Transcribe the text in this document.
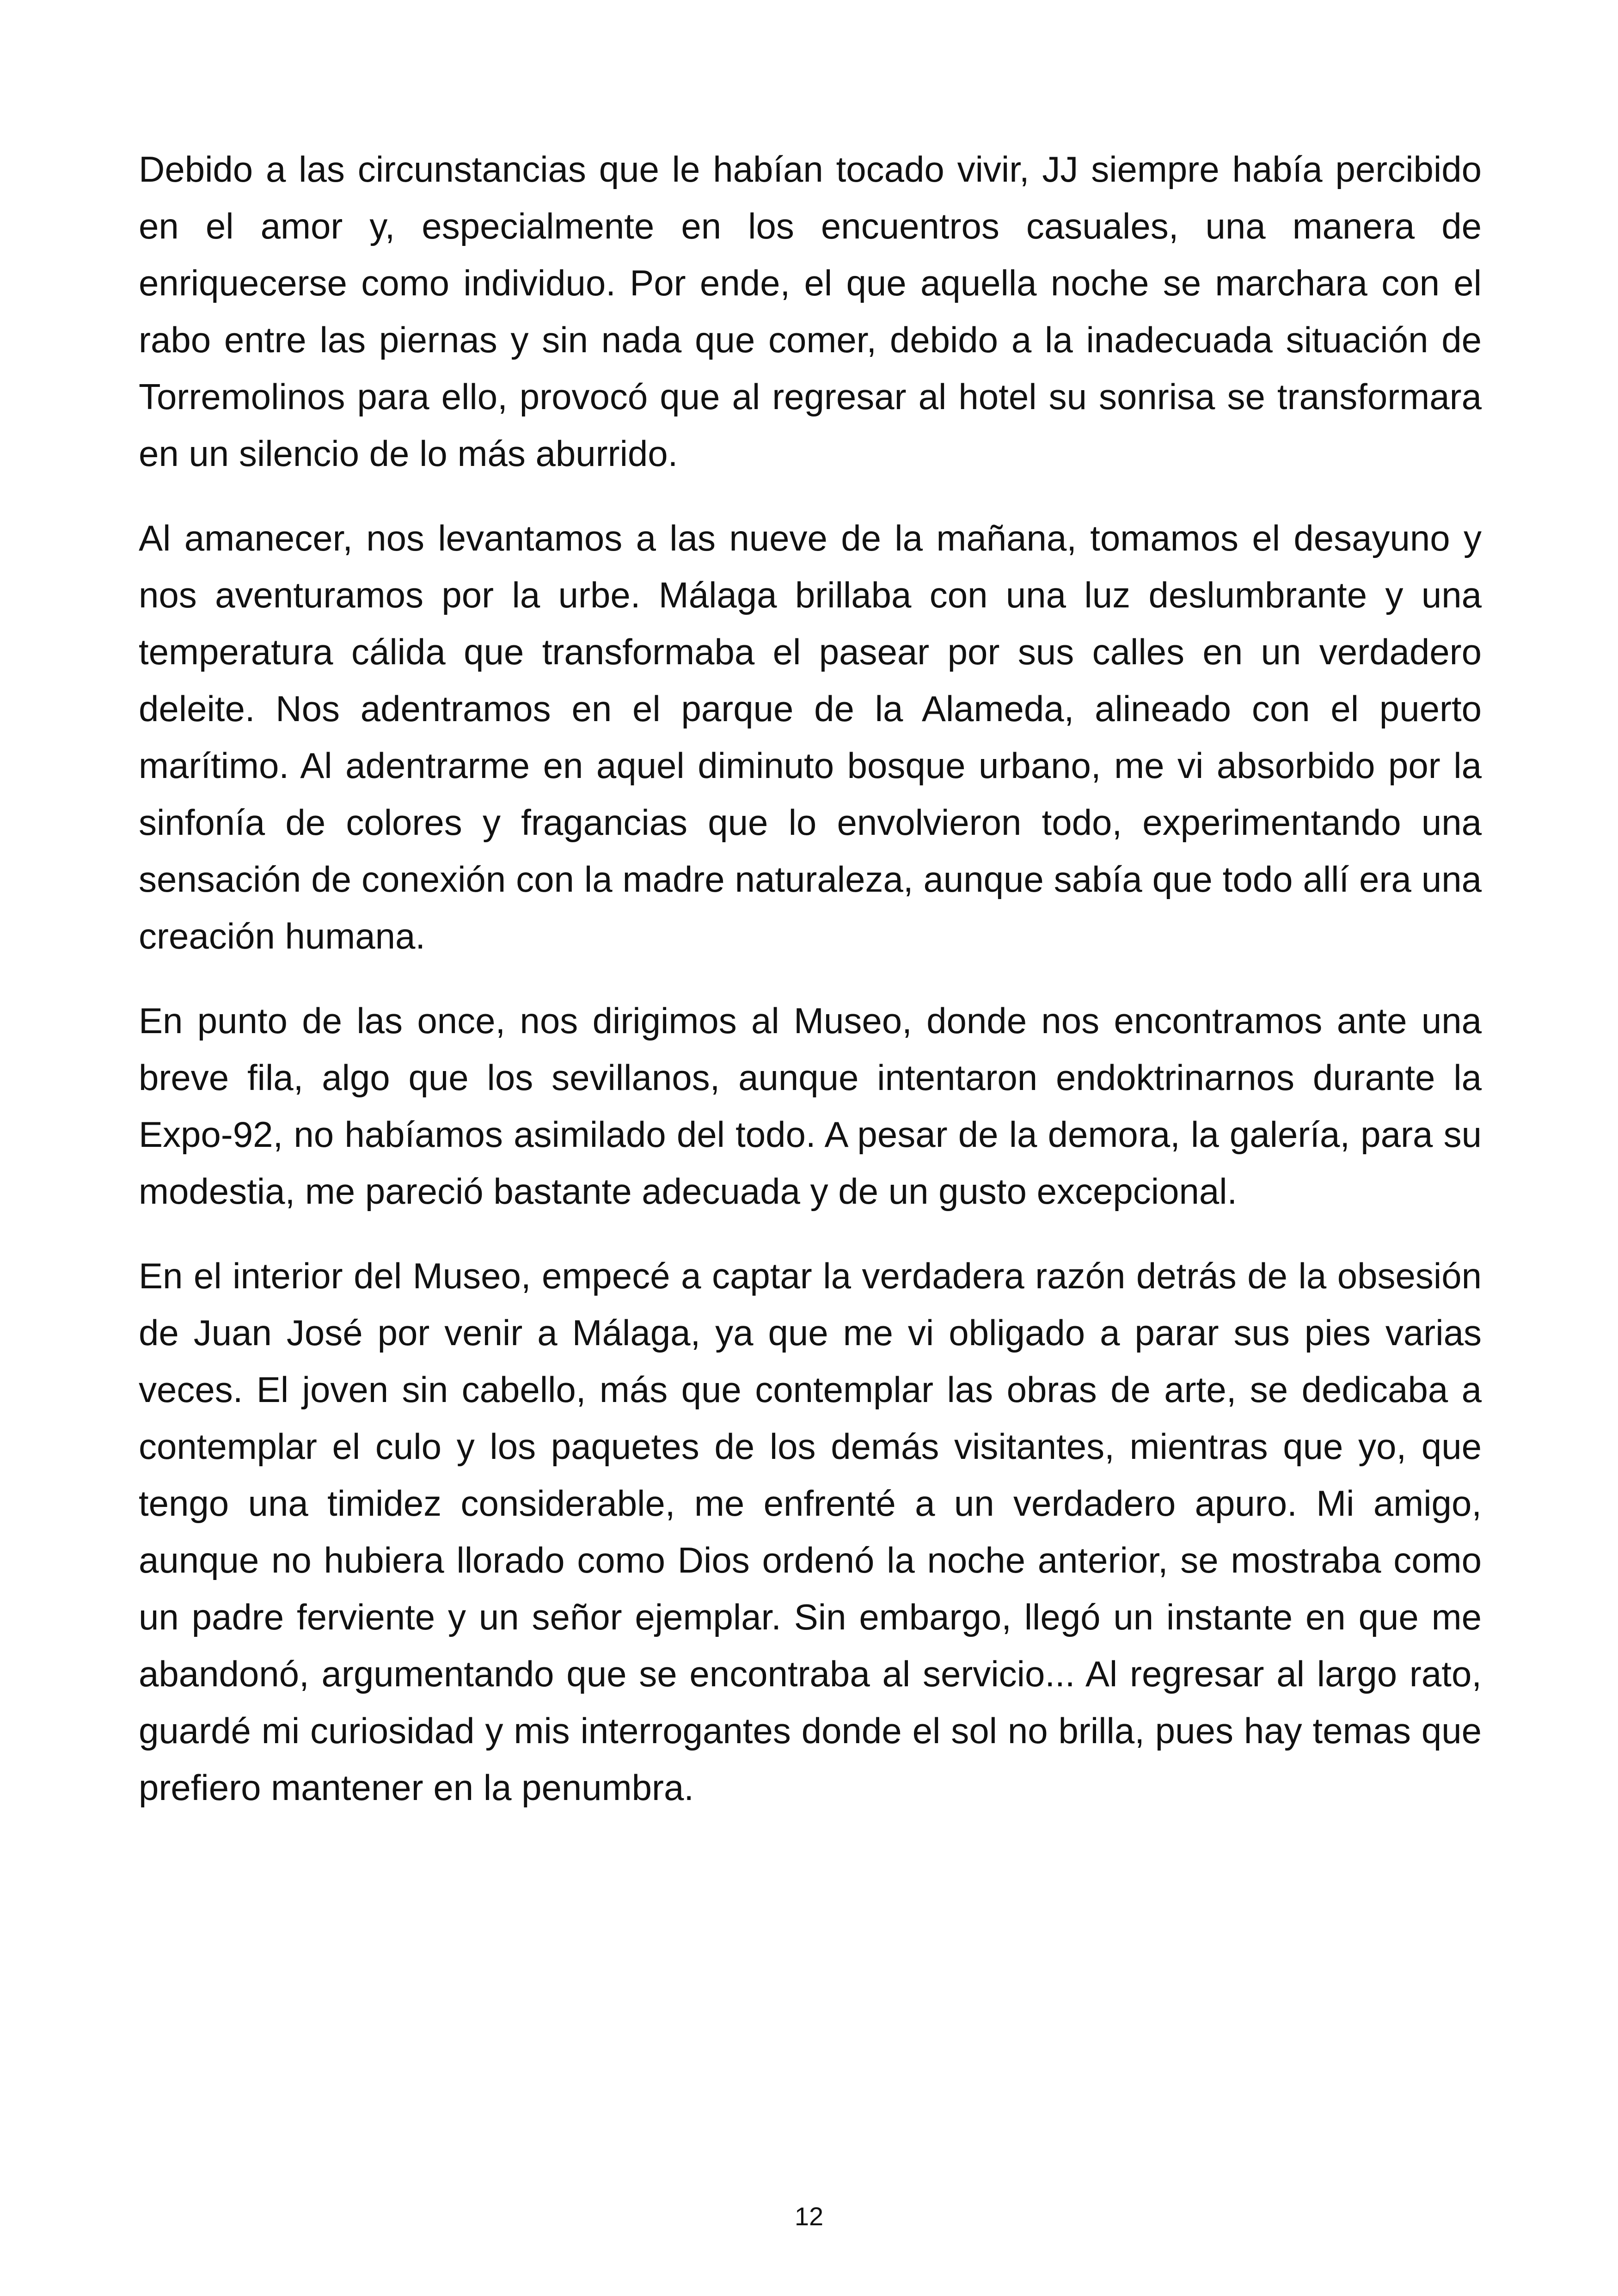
Debido a las circunstancias que le habían tocado vivir, JJ siempre había percibido en el amor y, especialmente en los encuentros casuales, una manera de enriquecerse como individuo. Por ende, el que aquella noche se marchara con el rabo entre las piernas y sin nada que comer, debido a la inadecuada situación de Torremolinos para ello, provocó que al regresar al hotel su sonrisa se transformara en un silencio de lo más aburrido.

Al amanecer, nos levantamos a las nueve de la mañana, tomamos el desayuno y nos aventuramos por la urbe. Málaga brillaba con una luz deslumbrante y una temperatura cálida que transformaba el pasear por sus calles en un verdadero deleite. Nos adentramos en el parque de la Alameda, alineado con el puerto marítimo. Al adentrarme en aquel diminuto bosque urbano, me vi absorbido por la sinfonía de colores y fragancias que lo envolvieron todo, experimentando una sensación de conexión con la madre naturaleza, aunque sabía que todo allí era una creación humana.

En punto de las once, nos dirigimos al Museo, donde nos encontramos ante una breve fila, algo que los sevillanos, aunque intentaron endoktrinarnos durante la Expo-92, no habíamos asimilado del todo. A pesar de la demora, la galería, para su modestia, me pareció bastante adecuada y de un gusto excepcional.

En el interior del Museo, empecé a captar la verdadera razón detrás de la obsesión de Juan José por venir a Málaga, ya que me vi obligado a parar sus pies varias veces. El joven sin cabello, más que contemplar las obras de arte, se dedicaba a contemplar el culo y los paquetes de los demás visitantes, mientras que yo, que tengo una timidez considerable, me enfrenté a un verdadero apuro. Mi amigo, aunque no hubiera llorado como Dios ordenó la noche anterior, se mostraba como un padre ferviente y un señor ejemplar. Sin embargo, llegó un instante en que me abandonó, argumentando que se encontraba al servicio... Al regresar al largo rato, guardé mi curiosidad y mis interrogantes donde el sol no brilla, pues hay temas que prefiero mantener en la penumbra.

12
